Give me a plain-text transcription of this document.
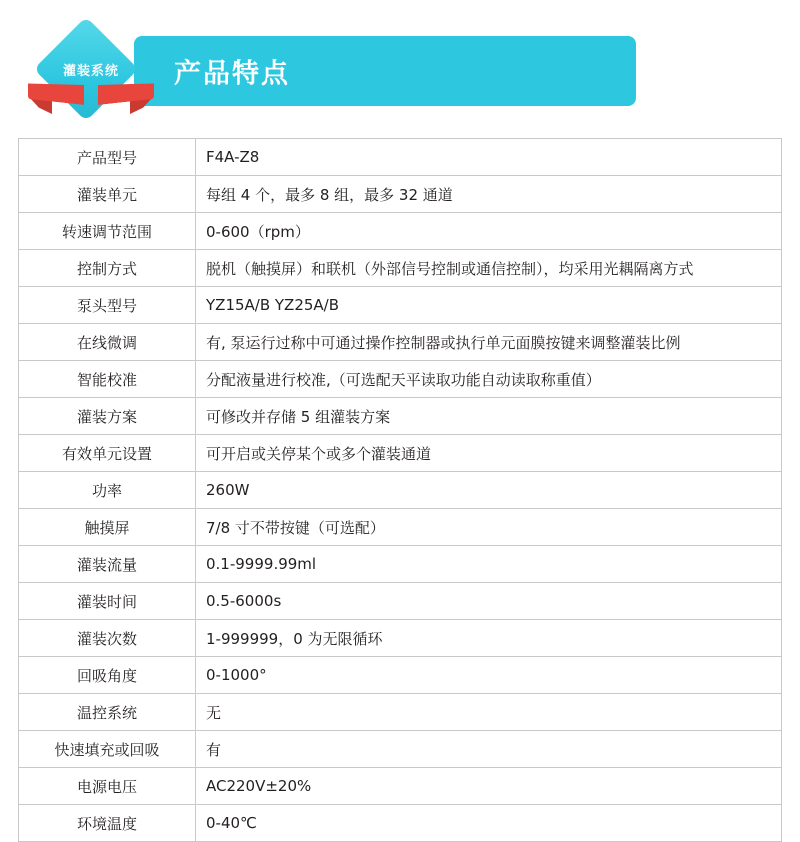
产品特点
灌装系统
产品型号	F4A-Z8
灌装单元	每组 4 个，最多 8 组，最多 32 通道
转速调节范围	0-600（rpm）
控制方式	脱机（触摸屏）和联机（外部信号控制或通信控制），均采用光耦隔离方式
泵头型号	YZ15A/B YZ25A/B
在线微调	有, 泵运行过称中可通过操作控制器或执行单元面膜按键来调整灌装比例
智能校准	分配液量进行校准,（可选配天平读取功能自动读取称重值）
灌装方案	可修改并存储 5 组灌装方案
有效单元设置	可开启或关停某个或多个灌装通道
功率	260W
触摸屏	7/8 寸不带按键（可选配）
灌装流量	0.1-9999.99ml
灌装时间	0.5-6000s
灌装次数	1-999999，0 为无限循环
回吸角度	0-1000°
温控系统	无
快速填充或回吸	有
电源电压	AC220V±20%
环境温度	0-40℃
